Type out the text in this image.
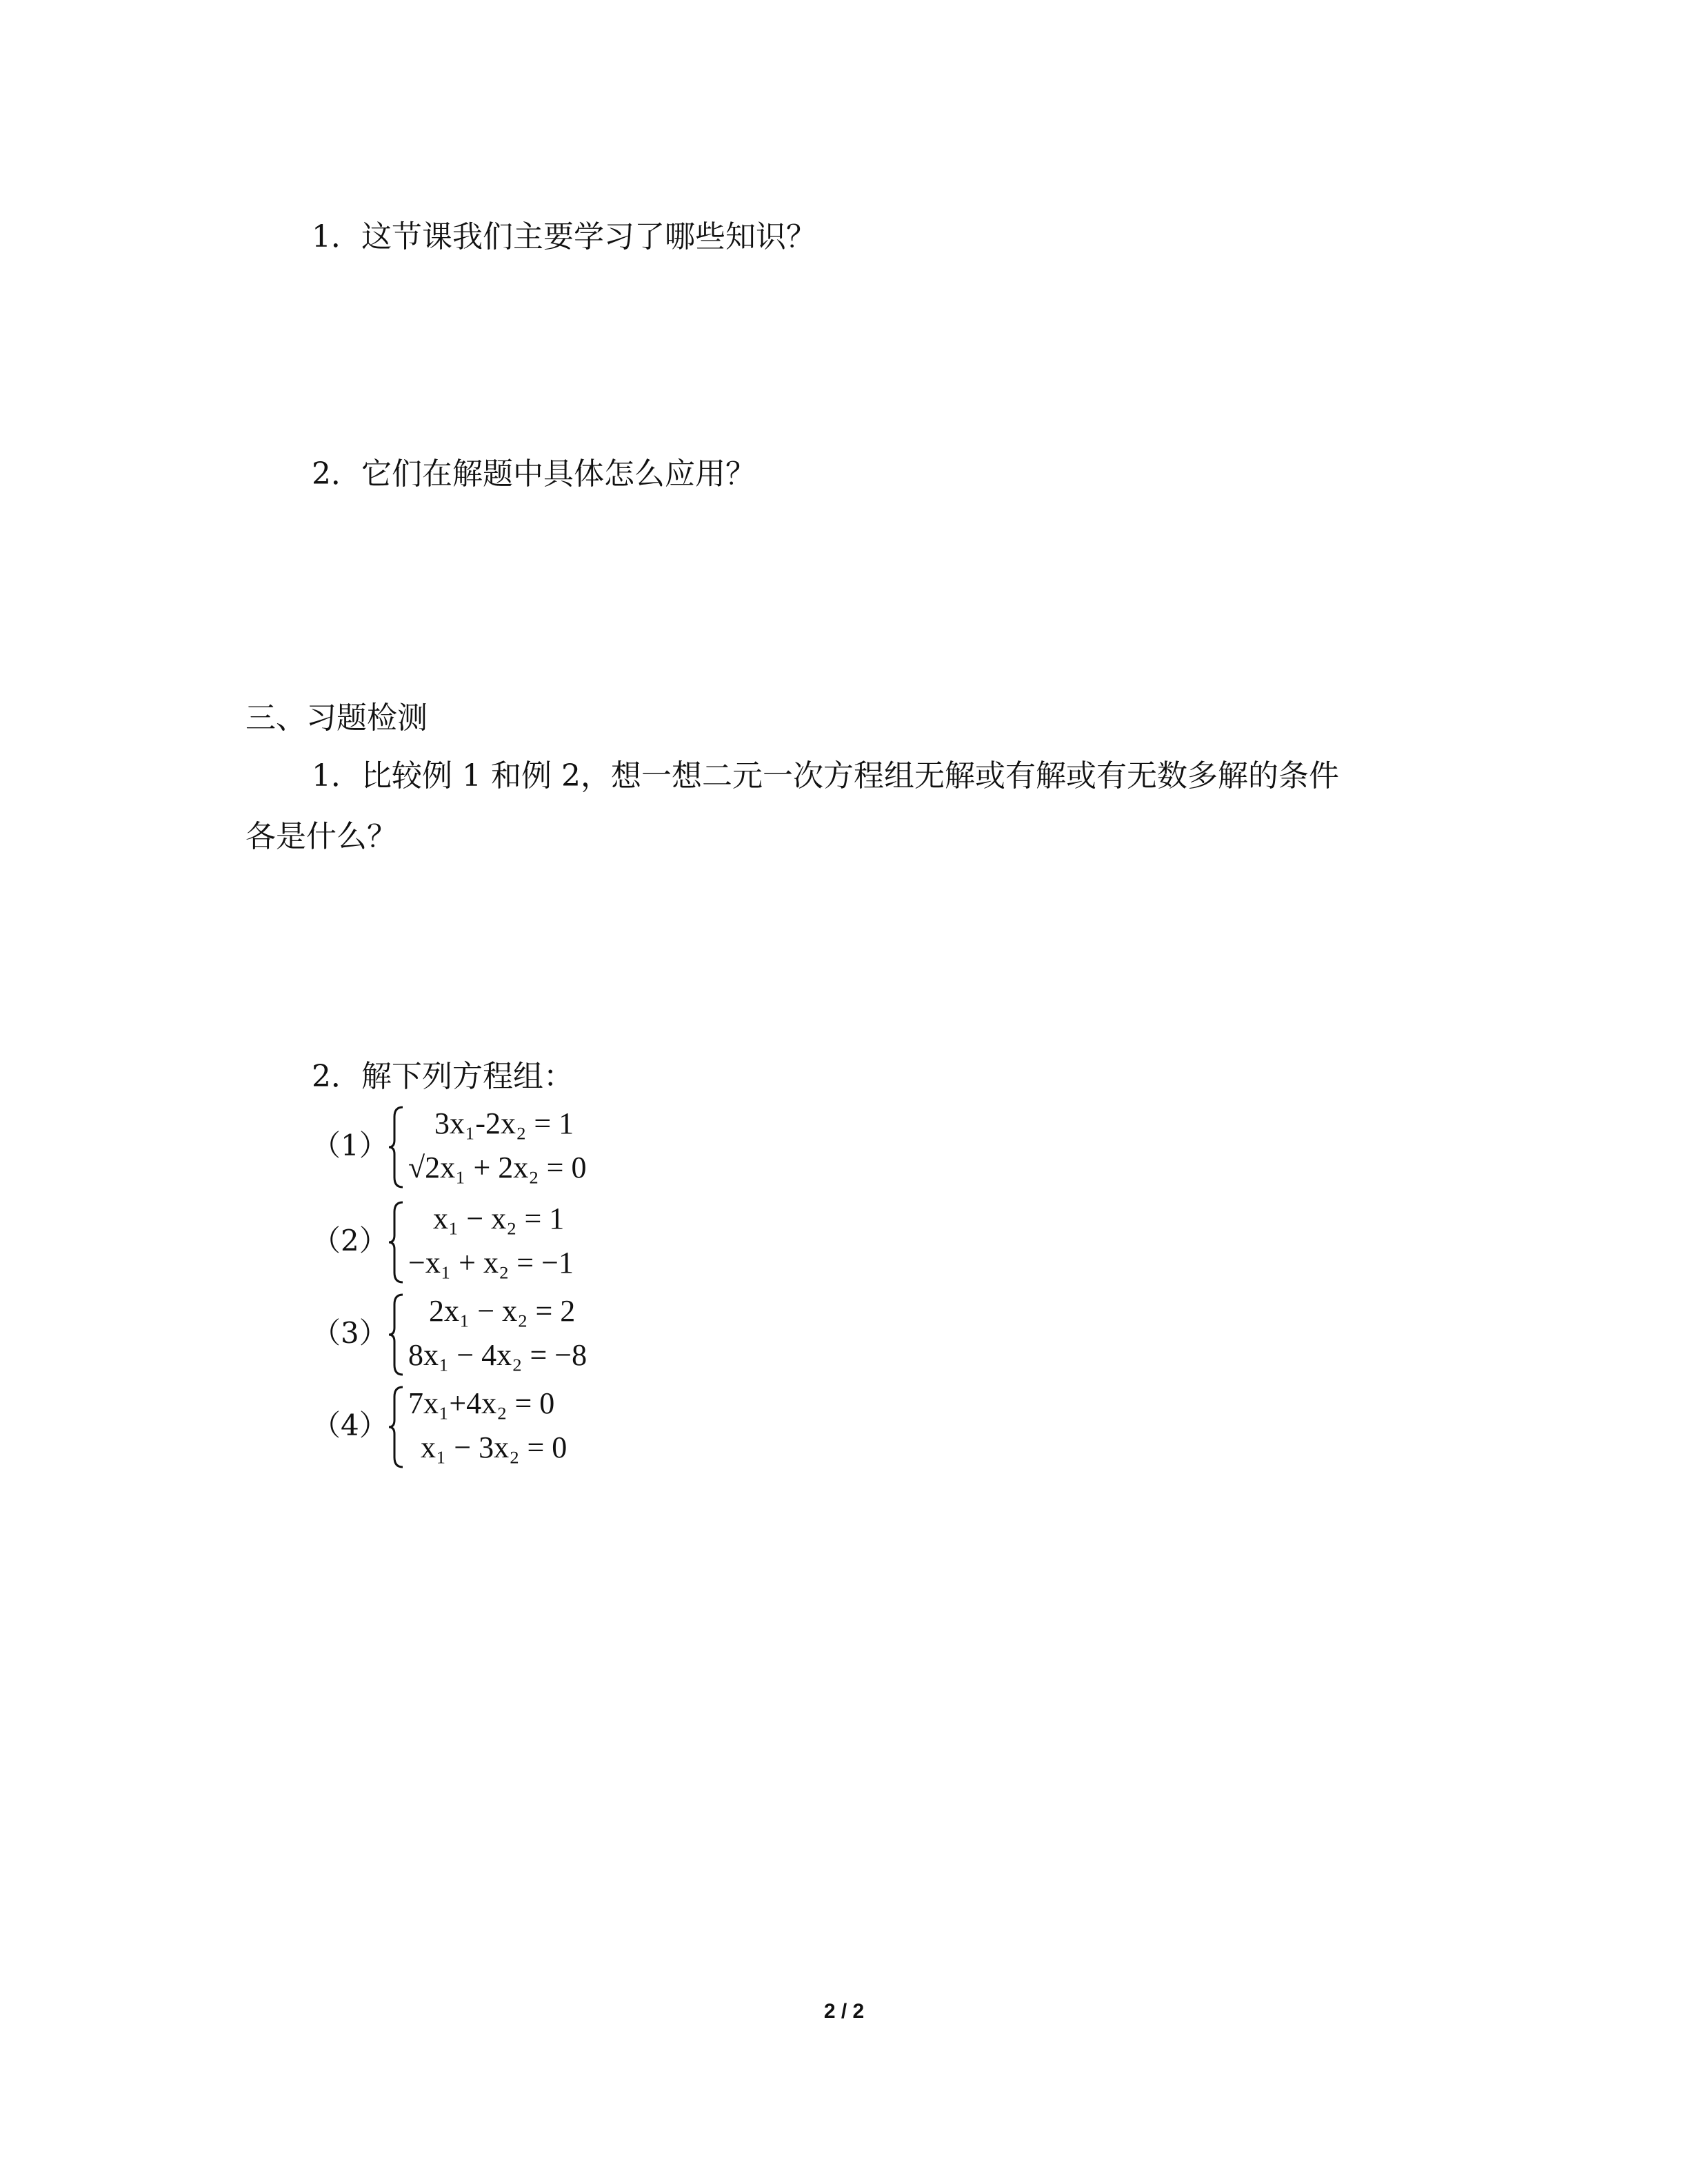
1．这节课我们主要学习了哪些知识？
2．它们在解题中具体怎么应用？
三、习题检测
1．比较例 1 和例 2，想一想二元一次方程组无解或有解或有无数多解的条件
各是什么？
2．解下列方程组：
（1）
3x₁-2x₂ = 1
√2x₁ + 2x₂ = 0
（2）
x₁ − x₂ = 1
−x₁ + x₂ = −1
（3）
2x₁ − x₂ = 2
8x₁ − 4x₂ = −8
（4）
7x₁+4x₂ = 0
x₁ − 3x₂ = 0
2 / 2
